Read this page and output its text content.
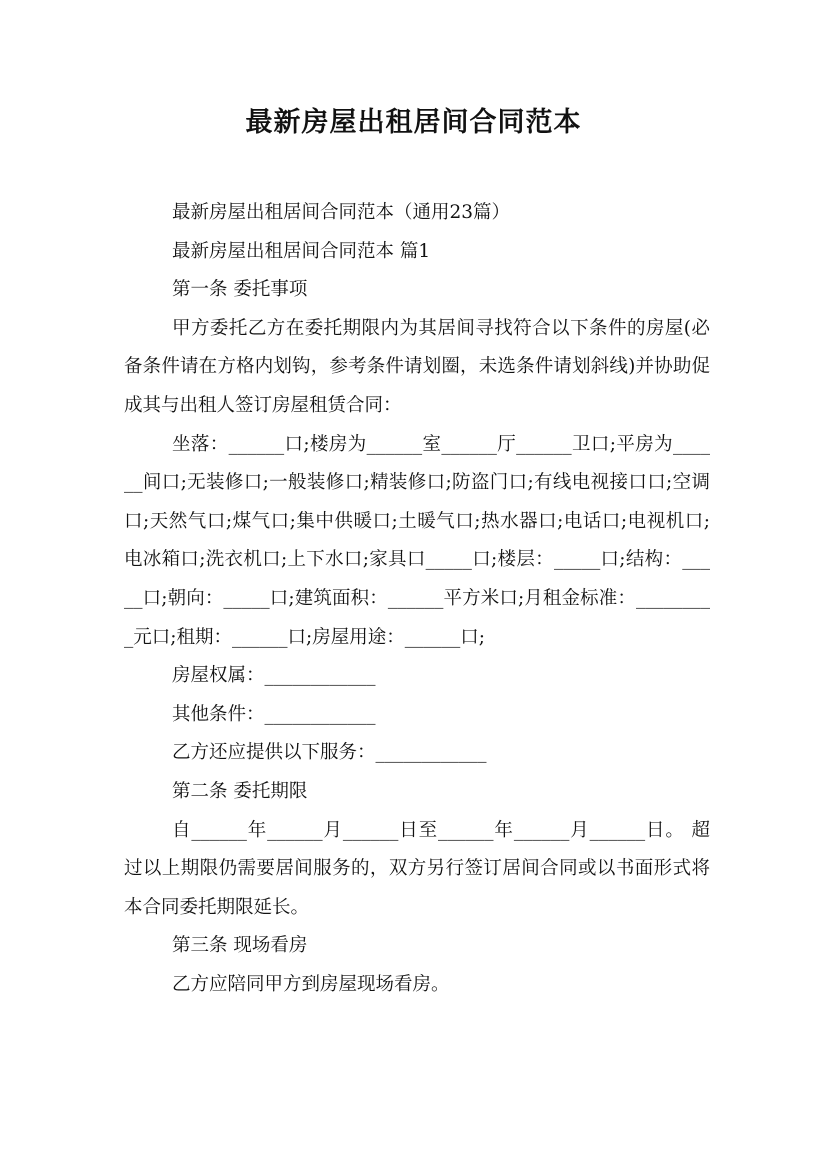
最新房屋出租居间合同范本

最新房屋出租居间合同范本（通用23篇）

最新房屋出租居间合同范本 篇1

第一条 委托事项

甲方委托乙方在委托期限内为其居间寻找符合以下条件的房屋(必备条件请在方格内划钩，参考条件请划圈，未选条件请划斜线)并协助促成其与出租人签订房屋租赁合同：

坐落：______口;楼房为______室______厅______卫口;平房为______间口;无装修口;一般装修口;精装修口;防盗门口;有线电视接口口;空调口;天然气口;煤气口;集中供暖口;土暖气口;热水器口;电话口;电视机口;电冰箱口;洗衣机口;上下水口;家具口_____口;楼层：_____口;结构：_____口;朝向：_____口;建筑面积：______平方米口;月租金标准：_________元口;租期：______口;房屋用途：______口;

房屋权属：____________

其他条件：____________

乙方还应提供以下服务：____________

第二条 委托期限

自______年______月______日至______年______月______日。 超过以上期限仍需要居间服务的，双方另行签订居间合同或以书面形式将本合同委托期限延长。

第三条 现场看房

乙方应陪同甲方到房屋现场看房。
